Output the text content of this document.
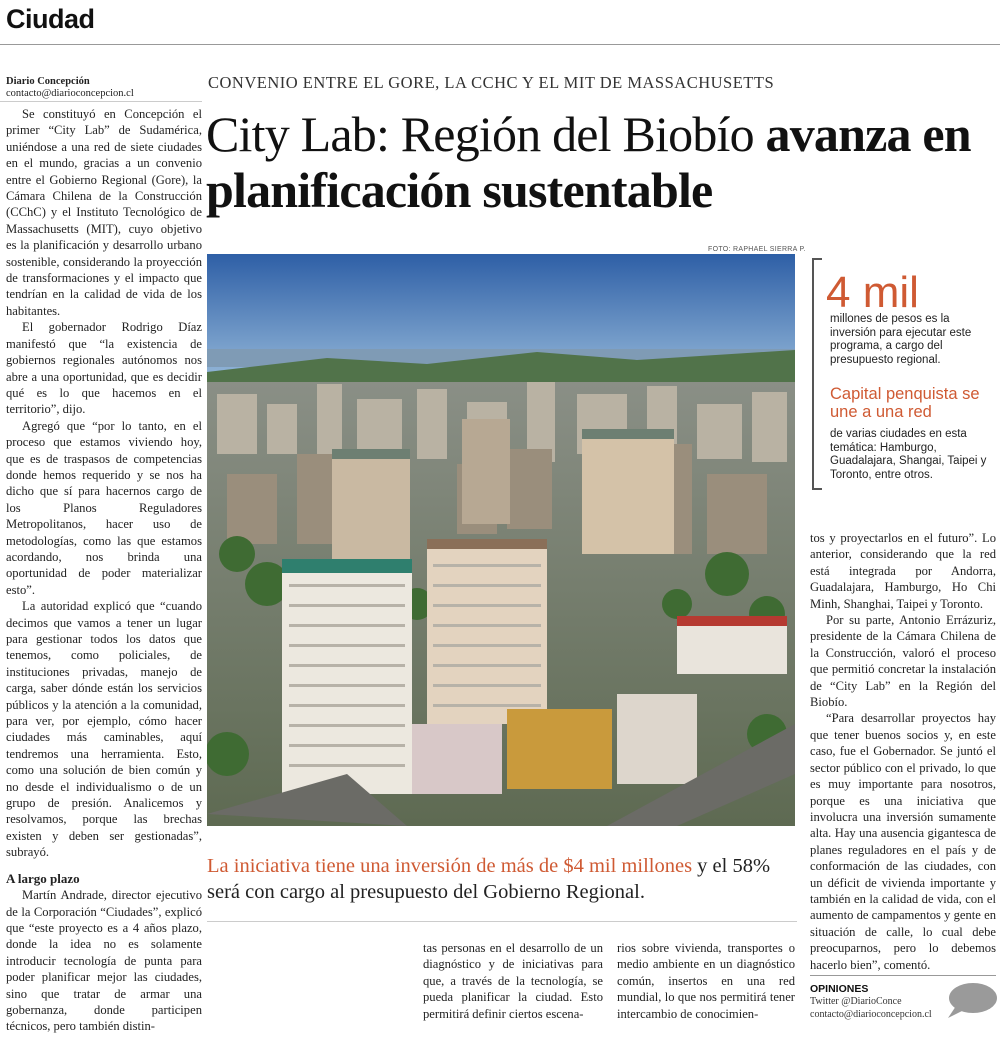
Ciudad
Diario Concepción
contacto@diarioconcepcion.cl

Se constituyó en Concepción el primer “City Lab” de Sudamérica, uniéndose a una red de siete ciudades en el mundo, gracias a un convenio entre el Gobierno Regional (Gore), la Cámara Chilena de la Construcción (CChC) y el Instituto Tecnológico de Massachusetts (MIT), cuyo objetivo es la planificación y desarrollo urbano sostenible, considerando la proyección de transformaciones y el impacto que tendrían en la calidad de vida de los habitantes.

El gobernador Rodrigo Díaz manifestó que “la existencia de gobiernos regionales autónomos nos abre a una oportunidad, que es decidir qué es lo que hacemos en el territorio”, dijo.

Agregó que “por lo tanto, en el proceso que estamos viviendo hoy, que es de traspasos de competencias donde hemos requerido y se nos ha dicho que sí para hacernos cargo de los Planos Reguladores Metropolitanos, hacer uso de metodologías, como las que estamos acordando, nos brinda una oportunidad de poder materializar esto”.

La autoridad explicó que “cuando decimos que vamos a tener un lugar para gestionar todos los datos que tenemos, como policiales, de instituciones privadas, manejo de carga, saber dónde están los servicios públicos y la atención a la comunidad, para ver, por ejemplo, cómo hacer ciudades más caminables, aquí tendremos una herramienta. Esto, como una solución de bien común y no desde el individualismo o de un grupo de presión. Analicemos y resolvamos, porque las brechas existen y deben ser gestionadas”, subrayó.

A largo plazo

Martín Andrade, director ejecutivo de la Corporación “Ciudades”, explicó que “este proyecto es a 4 años plazo, donde la idea no es solamente introducir tecnología de punta para poder planificar mejor las ciudades, sino que tratar de armar una gobernanza, donde participen técnicos, pero también distin-

CONVENIO ENTRE EL GORE, LA CCHC Y EL MIT DE MASSACHUSETTS
City Lab: Región del Biobío avanza en planificación sustentable
FOTO: RAPHAEL SIERRA P.
4 mil
millones de pesos es la inversión para ejecutar este programa, a cargo del presupuesto regional.
Capital penquista se une a una red
de varias ciudades en esta temática: Hamburgo, Guadalajara, Shangai, Taipei y Toronto, entre otros.

tos y proyectarlos en el futuro”. Lo anterior, considerando que la red está integrada por Andorra, Guadalajara, Hamburgo, Ho Chi Minh, Shanghai, Taipei y Toronto.

Por su parte, Antonio Errázuriz, presidente de la Cámara Chilena de la Construcción, valoró el proceso que permitió concretar la instalación de “City Lab” en la Región del Biobío.

“Para desarrollar proyectos hay que tener buenos socios y, en este caso, fue el Gobernador. Se juntó el sector público con el privado, lo que es muy importante para nosotros, porque es una iniciativa que involucra una inversión sumamente alta. Hay una ausencia gigantesca de planes reguladores en el país y de conformación de las ciudades, con un déficit de vivienda importante y también en la calidad de vida, con el aumento de campamentos y gente en situación de calle, lo cual debe preocuparnos, pero lo debemos hacerlo bien”, comentó.

La iniciativa tiene una inversión de más de $4 mil millones y el 58% será con cargo al presupuesto del Gobierno Regional.

tas personas en el desarrollo de un diagnóstico y de iniciativas para que, a través de la tecnología, se pueda planificar la ciudad. Esto permitirá definir ciertos escena-

rios sobre vivienda, transportes o medio ambiente en un diagnóstico común, insertos en una red mundial, lo que nos permitirá tener intercambio de conocimien-

OPINIONES
Twitter @DiarioConce
contacto@diarioconcepcion.cl
